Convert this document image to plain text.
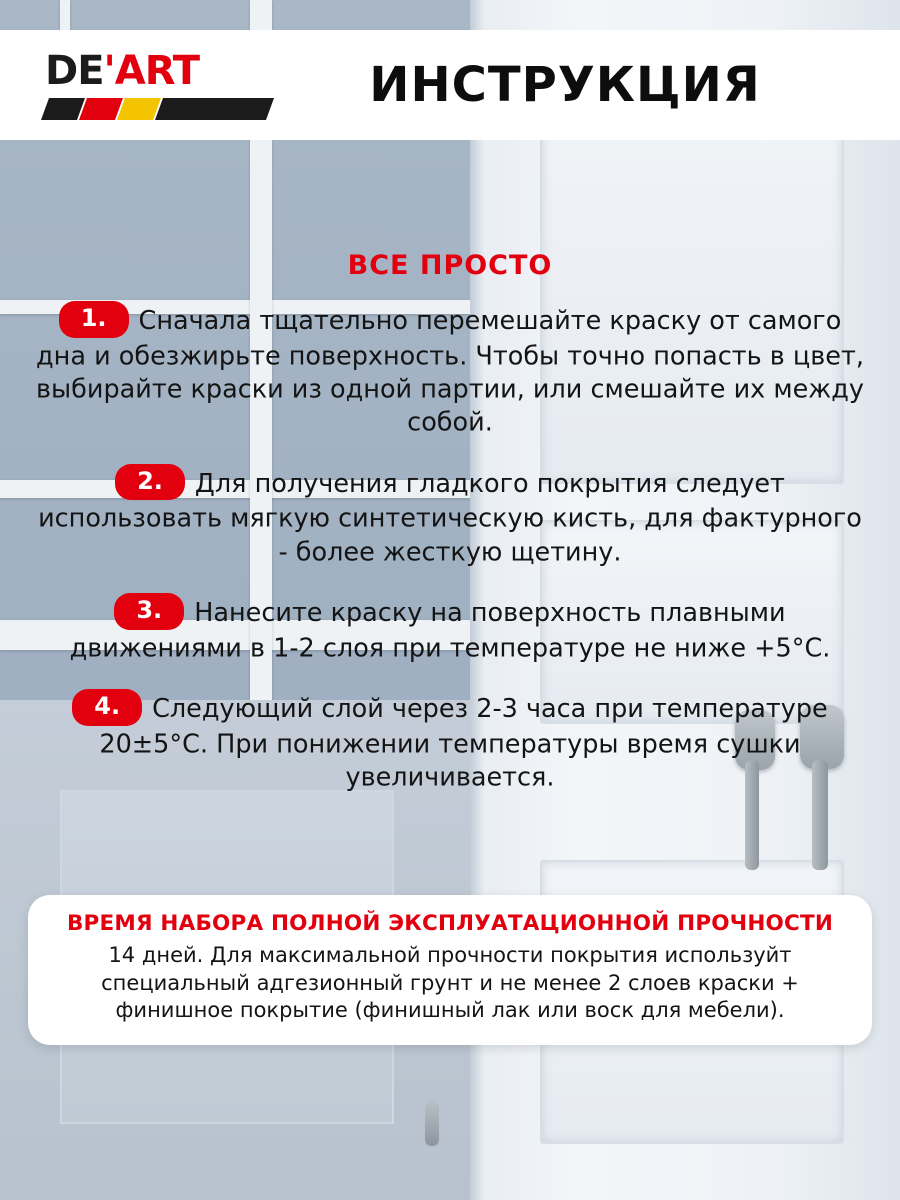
DE'ART	ИНСТРУКЦИЯ
ВСЕ ПРОСТО
1. Сначала тщательно перемешайте краску от самого дна и обезжирьте поверхность. Чтобы точно попасть в цвет, выбирайте краски из одной партии, или смешайте их между собой.
2. Для получения гладкого покрытия следует использовать мягкую синтетическую кисть, для фактурного - более жесткую щетину.
3. Нанесите краску на поверхность плавными движениями в 1-2 слоя при температуре не ниже +5°С.
4. Следующий слой через 2-3 часа при температуре 20±5°С. При понижении температуры время сушки увеличивается.
ВРЕМЯ НАБОРА ПОЛНОЙ ЭКСПЛУАТАЦИОННОЙ ПРОЧНОСТИ
14 дней. Для максимальной прочности покрытия используйт специальный адгезионный грунт и не менее 2 слоев краски + финишное покрытие (финишный лак или воск для мебели).
